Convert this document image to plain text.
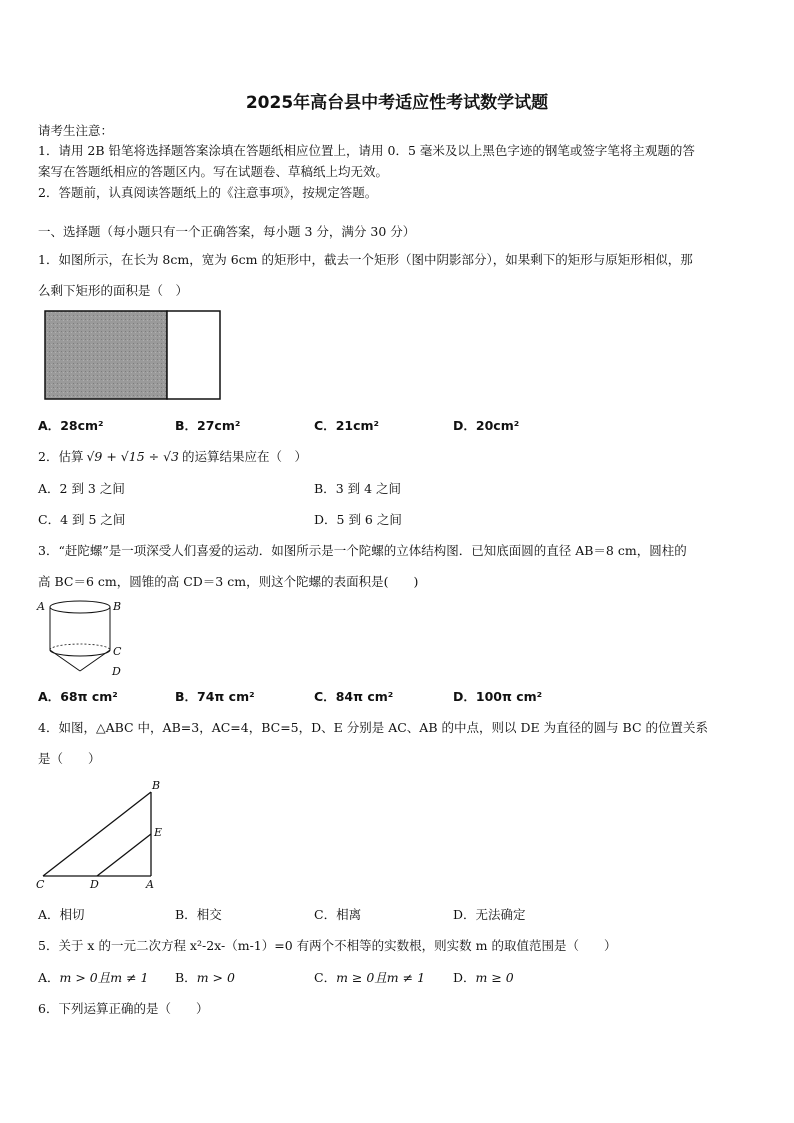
2025年高台县中考适应性考试数学试题
请考生注意：
1．请用 2B 铅笔将选择题答案涂填在答题纸相应位置上，请用 0．5 毫米及以上黑色字迹的钢笔或签字笔将主观题的答
案写在答题纸相应的答题区内。写在试题卷、草稿纸上均无效。
2．答题前，认真阅读答题纸上的《注意事项》，按规定答题。
一、选择题（每小题只有一个正确答案，每小题 3 分，满分 30 分）
1．如图所示，在长为 8cm，宽为 6cm 的矩形中，截去一个矩形（图中阴影部分），如果剩下的矩形与原矩形相似，那
么剩下矩形的面积是（　）
A．28cm²	B．27cm²	C．21cm²	D．20cm²
2．估算 √9 + √15 ÷ √3 的运算结果应在（　）
A．2 到 3 之间	B．3 到 4 之间
C．4 到 5 之间	D．5 到 6 之间
3．“赶陀螺”是一项深受人们喜爱的运动．如图所示是一个陀螺的立体结构图．已知底面圆的直径 AB＝8 cm，圆柱的
高 BC＝6 cm，圆锥的高 CD＝3 cm，则这个陀螺的表面积是(　　)
A	B
C
D
A．68π cm²	B．74π cm²	C．84π cm²	D．100π cm²
4．如图，△ABC 中，AB=3，AC=4，BC=5，D、E 分别是 AC、AB 的中点，则以 DE 为直径的圆与 BC 的位置关系
是（　　）
B
E
C	D	A
A．相切	B．相交	C．相离	D．无法确定
5．关于 x 的一元二次方程 x²-2x-（m-1）=0 有两个不相等的实数根，则实数 m 的取值范围是（　　）
A．m > 0且m ≠ 1 B．m > 0	C．m ≥ 0且m ≠ 1 D．m ≥ 0
6．下列运算正确的是（　　）
